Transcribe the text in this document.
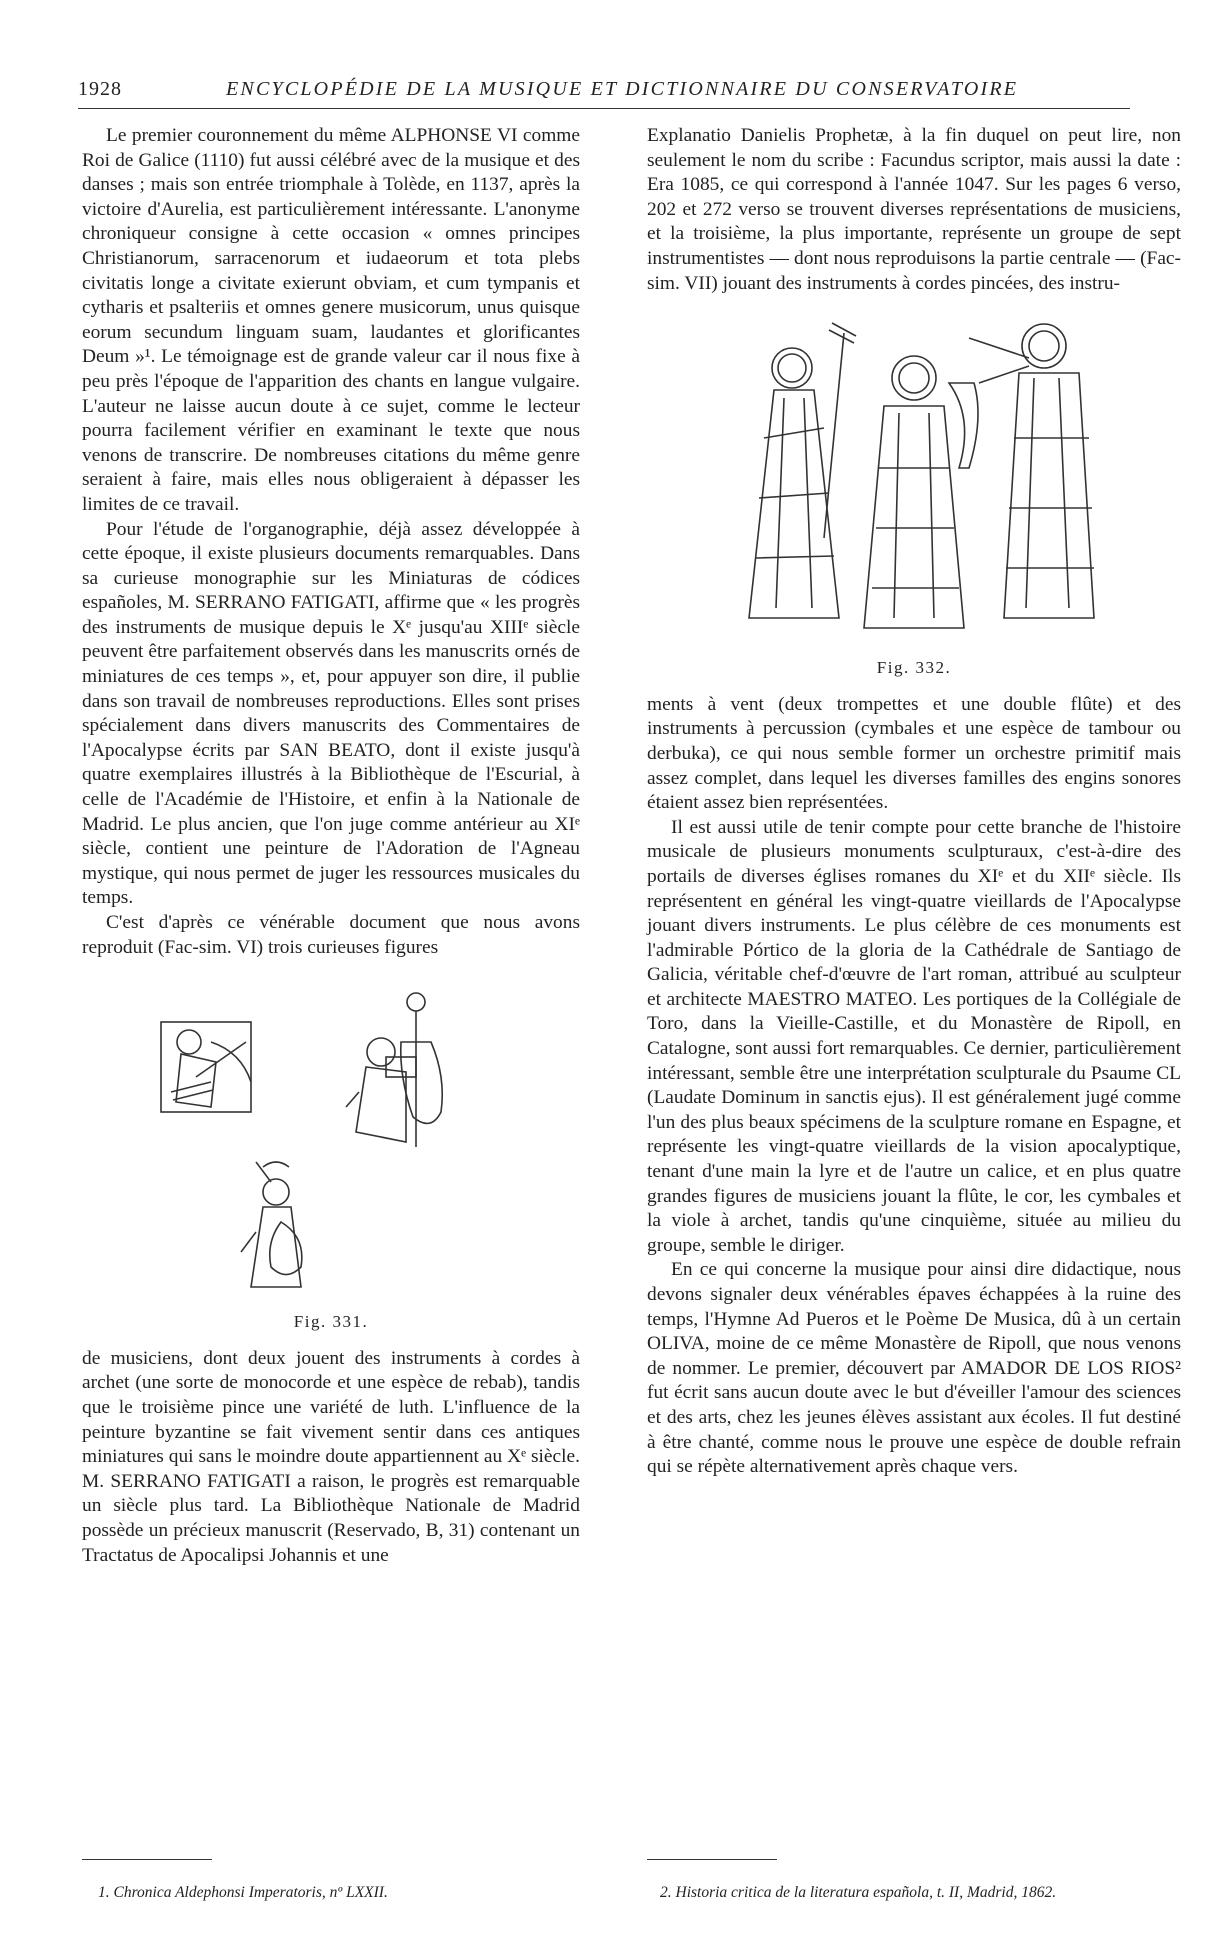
1928	ENCYCLOPÉDIE DE LA MUSIQUE ET DICTIONNAIRE DU CONSERVATOIRE

Le premier couronnement du même ALPHONSE VI comme Roi de Galice (1110) fut aussi célébré avec de la musique et des danses ; mais son entrée triomphale à Tolède, en 1137, après la victoire d'Aurelia, est particulièrement intéressante. L'anonyme chroniqueur consigne à cette occasion « omnes principes Christianorum, sarracenorum et iudaeorum et tota plebs civitatis longe a civitate exierunt obviam, et cum tympanis et cytharis et psalteriis et omnes genere musicorum, unus quisque eorum secundum linguam suam, laudantes et glorificantes Deum »¹. Le témoignage est de grande valeur car il nous fixe à peu près l'époque de l'apparition des chants en langue vulgaire. L'auteur ne laisse aucun doute à ce sujet, comme le lecteur pourra facilement vérifier en examinant le texte que nous venons de transcrire. De nombreuses citations du même genre seraient à faire, mais elles nous obligeraient à dépasser les limites de ce travail.

Pour l'étude de l'organographie, déjà assez développée à cette époque, il existe plusieurs documents remarquables. Dans sa curieuse monographie sur les Miniaturas de códices españoles, M. SERRANO FATIGATI, affirme que « les progrès des instruments de musique depuis le Xᵉ jusqu'au XIIIᵉ siècle peuvent être parfaitement observés dans les manuscrits ornés de miniatures de ces temps », et, pour appuyer son dire, il publie dans son travail de nombreuses reproductions. Elles sont prises spécialement dans divers manuscrits des Commentaires de l'Apocalypse écrits par SAN BEATO, dont il existe jusqu'à quatre exemplaires illustrés à la Bibliothèque de l'Escurial, à celle de l'Académie de l'Histoire, et enfin à la Nationale de Madrid. Le plus ancien, que l'on juge comme antérieur au XIᵉ siècle, contient une peinture de l'Adoration de l'Agneau mystique, qui nous permet de juger les ressources musicales du temps.

C'est d'après ce vénérable document que nous avons reproduit (Fac-sim. VI) trois curieuses figures

Fig. 331.

de musiciens, dont deux jouent des instruments à cordes à archet (une sorte de monocorde et une espèce de rebab), tandis que le troisième pince une variété de luth. L'influence de la peinture byzantine se fait vivement sentir dans ces antiques miniatures qui sans le moindre doute appartiennent au Xᵉ siècle. M. SERRANO FATIGATI a raison, le progrès est remarquable un siècle plus tard. La Bibliothèque Nationale de Madrid possède un précieux manuscrit (Reservado, B, 31) contenant un Tractatus de Apocalipsi Johannis et une

Explanatio Danielis Prophetæ, à la fin duquel on peut lire, non seulement le nom du scribe : Facundus scriptor, mais aussi la date : Era 1085, ce qui correspond à l'année 1047. Sur les pages 6 verso, 202 et 272 verso se trouvent diverses représentations de musiciens, et la troisième, la plus importante, représente un groupe de sept instrumentistes — dont nous reproduisons la partie centrale — (Fac-sim. VII) jouant des instruments à cordes pincées, des instru-

Fig. 332.

ments à vent (deux trompettes et une double flûte) et des instruments à percussion (cymbales et une espèce de tambour ou derbuka), ce qui nous semble former un orchestre primitif mais assez complet, dans lequel les diverses familles des engins sonores étaient assez bien représentées.

Il est aussi utile de tenir compte pour cette branche de l'histoire musicale de plusieurs monuments sculpturaux, c'est-à-dire des portails de diverses églises romanes du XIᵉ et du XIIᵉ siècle. Ils représentent en général les vingt-quatre vieillards de l'Apocalypse jouant divers instruments. Le plus célèbre de ces monuments est l'admirable Pórtico de la gloria de la Cathédrale de Santiago de Galicia, véritable chef-d'œuvre de l'art roman, attribué au sculpteur et architecte MAESTRO MATEO. Les portiques de la Collégiale de Toro, dans la Vieille-Castille, et du Monastère de Ripoll, en Catalogne, sont aussi fort remarquables. Ce dernier, particulièrement intéressant, semble être une interprétation sculpturale du Psaume CL (Laudate Dominum in sanctis ejus). Il est généralement jugé comme l'un des plus beaux spécimens de la sculpture romane en Espagne, et représente les vingt-quatre vieillards de la vision apocalyptique, tenant d'une main la lyre et de l'autre un calice, et en plus quatre grandes figures de musiciens jouant la flûte, le cor, les cymbales et la viole à archet, tandis qu'une cinquième, située au milieu du groupe, semble le diriger.

En ce qui concerne la musique pour ainsi dire didactique, nous devons signaler deux vénérables épaves échappées à la ruine des temps, l'Hymne Ad Pueros et le Poème De Musica, dû à un certain OLIVA, moine de ce même Monastère de Ripoll, que nous venons de nommer. Le premier, découvert par AMADOR DE LOS RIOS² fut écrit sans aucun doute avec le but d'éveiller l'amour des sciences et des arts, chez les jeunes élèves assistant aux écoles. Il fut destiné à être chanté, comme nous le prouve une espèce de double refrain qui se répète alternativement après chaque vers.

1. Chronica Aldephonsi Imperatoris, nº LXXII.	2. Historia critica de la literatura española, t. II, Madrid, 1862.
